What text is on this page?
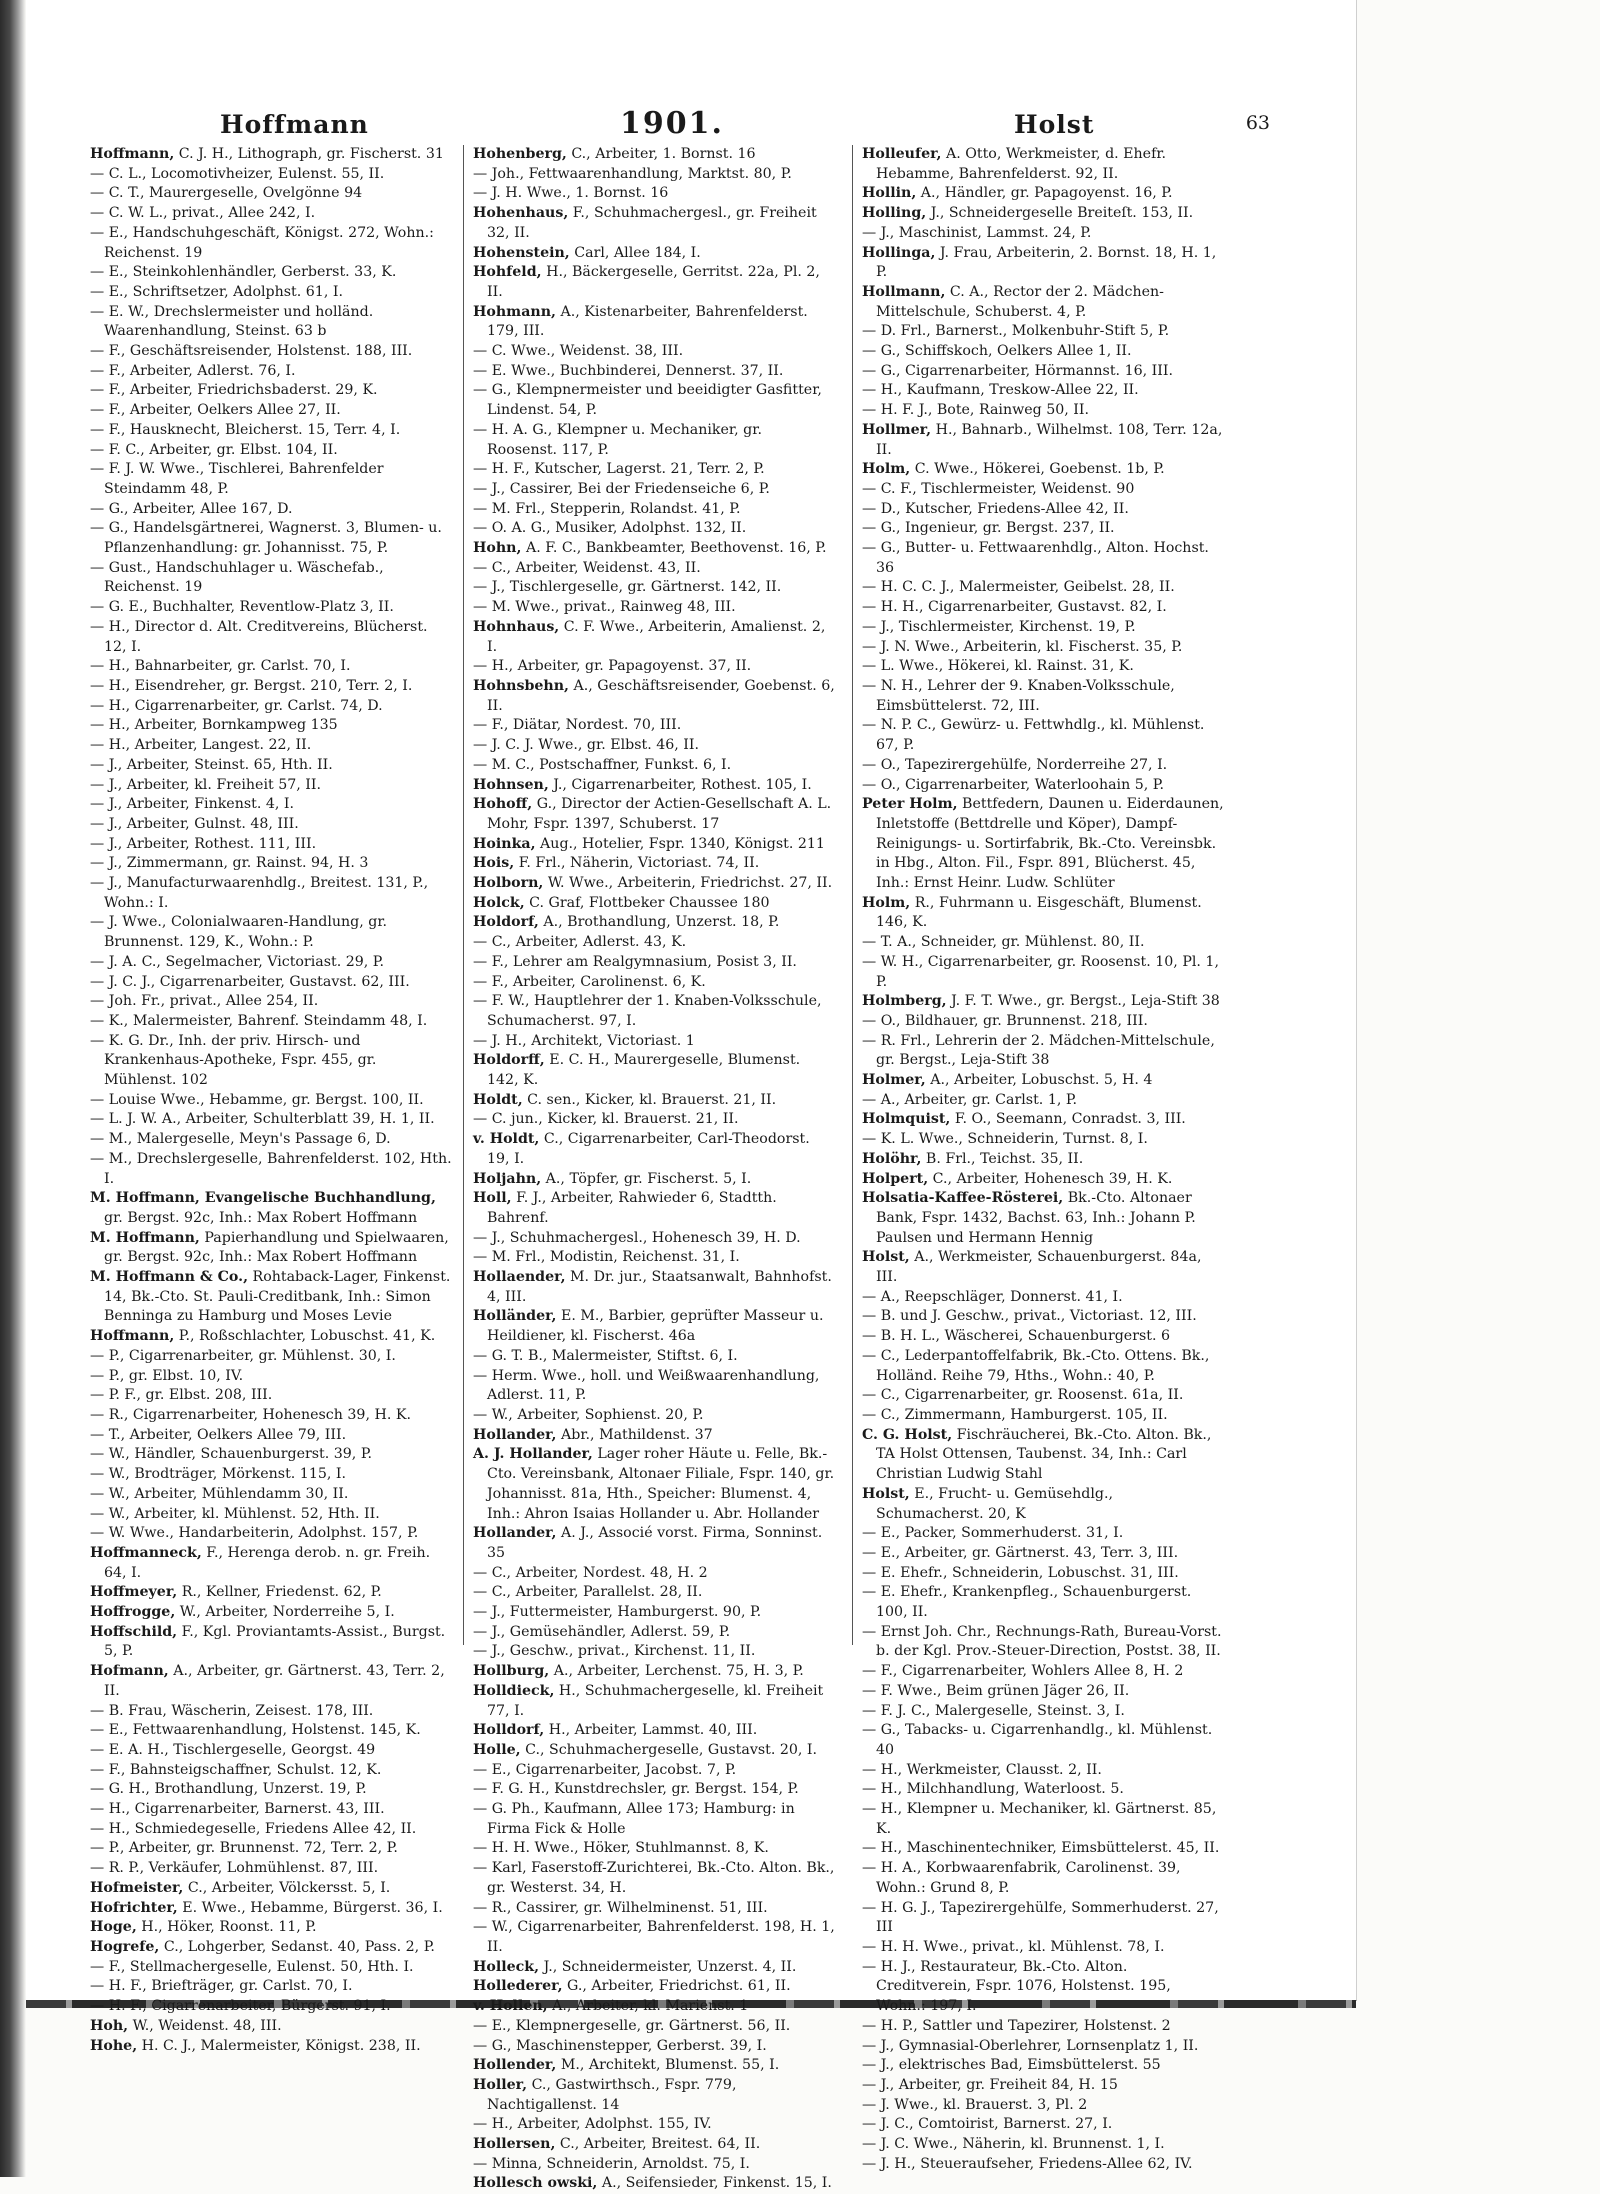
Hoffmann	1901.	Holst	63
Hoffmann, C. J. H., Lithograph, gr. Fischerst. 31
— C. L., Locomotivheizer, Eulenst. 55, II.
— C. T., Maurergeselle, Ovelgönne 94
— C. W. L., privat., Allee 242, I.
— E., Handschuhgeschäft, Königst. 272, Wohn.: Reichenst. 19
— E., Steinkohlenhändler, Gerberst. 33, K.
— E., Schriftsetzer, Adolphst. 61, I.
— E. W., Drechslermeister und holländ. Waarenhandlung, Steinst. 63 b
— F., Geschäftsreisender, Holstenst. 188, III.
— F., Arbeiter, Adlerst. 76, I.
— F., Arbeiter, Friedrichsbaderst. 29, K.
— F., Arbeiter, Oelkers Allee 27, II.
— F., Hausknecht, Bleicherst. 15, Terr. 4, I.
— F. C., Arbeiter, gr. Elbst. 104, II.
— F. J. W. Wwe., Tischlerei, Bahrenfelder Steindamm 48, P.
— G., Arbeiter, Allee 167, D.
— G., Handelsgärtnerei, Wagnerst. 3, Blumen- u. Pflanzenhandlung: gr. Johannisst. 75, P.
— Gust., Handschuhlager u. Wäschefab., Reichenst. 19
— G. E., Buchhalter, Reventlow-Platz 3, II.
— H., Director d. Alt. Creditvereins, Blücherst. 12, I.
— H., Bahnarbeiter, gr. Carlst. 70, I.
— H., Eisendreher, gr. Bergst. 210, Terr. 2, I.
— H., Cigarrenarbeiter, gr. Carlst. 74, D.
— H., Arbeiter, Bornkampweg 135
— H., Arbeiter, Langest. 22, II.
— J., Arbeiter, Steinst. 65, Hth. II.
— J., Arbeiter, kl. Freiheit 57, II.
— J., Arbeiter, Finkenst. 4, I.
— J., Arbeiter, Gulnst. 48, III.
— J., Arbeiter, Rothest. 111, III.
— J., Zimmermann, gr. Rainst. 94, H. 3
— J., Manufacturwaarenhdlg., Breitest. 131, P., Wohn.: I.
— J. Wwe., Colonialwaaren-Handlung, gr. Brunnenst. 129, K., Wohn.: P.
— J. A. C., Segelmacher, Victoriast. 29, P.
— J. C. J., Cigarrenarbeiter, Gustavst. 62, III.
— Joh. Fr., privat., Allee 254, II.
— K., Malermeister, Bahrenf. Steindamm 48, I.
— K. G. Dr., Inh. der priv. Hirsch- und Krankenhaus-Apotheke, Fspr. 455, gr. Mühlenst. 102
— Louise Wwe., Hebamme, gr. Bergst. 100, II.
— L. J. W. A., Arbeiter, Schulterblatt 39, H. 1, II.
— M., Malergeselle, Meyn's Passage 6, D.
— M., Drechslergeselle, Bahrenfelderst. 102, Hth. I.
M. Hoffmann, Evangelische Buchhandlung, gr. Bergst. 92c, Inh.: Max Robert Hoffmann
M. Hoffmann, Papierhandlung und Spielwaaren, gr. Bergst. 92c, Inh.: Max Robert Hoffmann
M. Hoffmann & Co., Rohtaback-Lager, Finkenst. 14, Bk.-Cto. St. Pauli-Creditbank, Inh.: Simon Benninga zu Hamburg und Moses Levie
Hoffmann, P., Roßschlachter, Lobuschst. 41, K.
— P., Cigarrenarbeiter, gr. Mühlenst. 30, I.
— P., gr. Elbst. 10, IV.
— P. F., gr. Elbst. 208, III.
— R., Cigarrenarbeiter, Hohenesch 39, H. K.
— T., Arbeiter, Oelkers Allee 79, III.
— W., Händler, Schauenburgerst. 39, P.
— W., Brodträger, Mörkenst. 115, I.
— W., Arbeiter, Mühlendamm 30, II.
— W., Arbeiter, kl. Mühlenst. 52, Hth. II.
— W. Wwe., Handarbeiterin, Adolphst. 157, P.
Hoffmanneck, F., Herenga derob. n. gr. Freih. 64, I.
Hoffmeyer, R., Kellner, Friedenst. 62, P.
Hoffrogge, W., Arbeiter, Norderreihe 5, I.
Hoffschild, F., Kgl. Proviantamts-Assist., Burgst. 5, P.
Hofmann, A., Arbeiter, gr. Gärtnerst. 43, Terr. 2, II.
— B. Frau, Wäscherin, Zeisest. 178, III.
— E., Fettwaarenhandlung, Holstenst. 145, K.
— E. A. H., Tischlergeselle, Georgst. 49
— F., Bahnsteigschaffner, Schulst. 12, K.
— G. H., Brothandlung, Unzerst. 19, P.
— H., Cigarrenarbeiter, Barnerst. 43, III.
— H., Schmiedegeselle, Friedens Allee 42, II.
— P., Arbeiter, gr. Brunnenst. 72, Terr. 2, P.
— R. P., Verkäufer, Lohmühlenst. 87, III.
Hofmeister, C., Arbeiter, Völckersst. 5, I.
Hofrichter, E. Wwe., Hebamme, Bürgerst. 36, I.
Hoge, H., Höker, Roonst. 11, P.
Hogrefe, C., Lohgerber, Sedanst. 40, Pass. 2, P.
— F., Stellmachergeselle, Eulenst. 50, Hth. I.
— H. F., Briefträger, gr. Carlst. 70, I.
— H. F., Cigarrenarbeiter, Bürgerst. 91, I.
Hoh, W., Weidenst. 48, III.
Hohe, H. C. J., Malermeister, Königst. 238, II.
Hohenberg, C., Arbeiter, 1. Bornst. 16
— Joh., Fettwaarenhandlung, Marktst. 80, P.
— J. H. Wwe., 1. Bornst. 16
Hohenhaus, F., Schuhmachergesl., gr. Freiheit 32, II.
Hohenstein, Carl, Allee 184, I.
Hohfeld, H., Bäckergeselle, Gerritst. 22a, Pl. 2, II.
Hohmann, A., Kistenarbeiter, Bahrenfelderst. 179, III.
— C. Wwe., Weidenst. 38, III.
— E. Wwe., Buchbinderei, Dennerst. 37, II.
— G., Klempnermeister und beeidigter Gasfitter, Lindenst. 54, P.
— H. A. G., Klempner u. Mechaniker, gr. Roosenst. 117, P.
— H. F., Kutscher, Lagerst. 21, Terr. 2, P.
— J., Cassirer, Bei der Friedenseiche 6, P.
— M. Frl., Stepperin, Rolandst. 41, P.
— O. A. G., Musiker, Adolphst. 132, II.
Hohn, A. F. C., Bankbeamter, Beethovenst. 16, P.
— C., Arbeiter, Weidenst. 43, II.
— J., Tischlergeselle, gr. Gärtnerst. 142, II.
— M. Wwe., privat., Rainweg 48, III.
Hohnhaus, C. F. Wwe., Arbeiterin, Amalienst. 2, I.
— H., Arbeiter, gr. Papagoyenst. 37, II.
Hohnsbehn, A., Geschäftsreisender, Goebenst. 6, II.
— F., Diätar, Nordest. 70, III.
— J. C. J. Wwe., gr. Elbst. 46, II.
— M. C., Postschaffner, Funkst. 6, I.
Hohnsen, J., Cigarrenarbeiter, Rothest. 105, I.
Hohoff, G., Director der Actien-Gesellschaft A. L. Mohr, Fspr. 1397, Schuberst. 17
Hoinka, Aug., Hotelier, Fspr. 1340, Königst. 211
Hois, F. Frl., Näherin, Victoriast. 74, II.
Holborn, W. Wwe., Arbeiterin, Friedrichst. 27, II.
Holck, C. Graf, Flottbeker Chaussee 180
Holdorf, A., Brothandlung, Unzerst. 18, P.
— C., Arbeiter, Adlerst. 43, K.
— F., Lehrer am Realgymnasium, Posist 3, II.
— F., Arbeiter, Carolinenst. 6, K.
— F. W., Hauptlehrer der 1. Knaben-Volksschule, Schumacherst. 97, I.
— J. H., Architekt, Victoriast. 1
Holdorff, E. C. H., Maurergeselle, Blumenst. 142, K.
Holdt, C. sen., Kicker, kl. Brauerst. 21, II.
— C. jun., Kicker, kl. Brauerst. 21, II.
v. Holdt, C., Cigarrenarbeiter, Carl-Theodorst. 19, I.
Holjahn, A., Töpfer, gr. Fischerst. 5, I.
Holl, F. J., Arbeiter, Rahwieder 6, Stadtth. Bahrenf.
— J., Schuhmachergesl., Hohenesch 39, H. D.
— M. Frl., Modistin, Reichenst. 31, I.
Hollaender, M. Dr. jur., Staatsanwalt, Bahnhofst. 4, III.
Holländer, E. M., Barbier, geprüfter Masseur u. Heildiener, kl. Fischerst. 46a
— G. T. B., Malermeister, Stiftst. 6, I.
— Herm. Wwe., holl. und Weißwaarenhandlung, Adlerst. 11, P.
— W., Arbeiter, Sophienst. 20, P.
Hollander, Abr., Mathildenst. 37
A. J. Hollander, Lager roher Häute u. Felle, Bk.-Cto. Vereinsbank, Altonaer Filiale, Fspr. 140, gr. Johannisst. 81a, Hth., Speicher: Blumenst. 4, Inh.: Ahron Isaias Hollander u. Abr. Hollander
Hollander, A. J., Associé vorst. Firma, Sonninst. 35
— C., Arbeiter, Nordest. 48, H. 2
— C., Arbeiter, Parallelst. 28, II.
— J., Futtermeister, Hamburgerst. 90, P.
— J., Gemüsehändler, Adlerst. 59, P.
— J., Geschw., privat., Kirchenst. 11, II.
Hollburg, A., Arbeiter, Lerchenst. 75, H. 3, P.
Holldieck, H., Schuhmachergeselle, kl. Freiheit 77, I.
Holldorf, H., Arbeiter, Lammst. 40, III.
Holle, C., Schuhmachergeselle, Gustavst. 20, I.
— E., Cigarrenarbeiter, Jacobst. 7, P.
— F. G. H., Kunstdrechsler, gr. Bergst. 154, P.
— G. Ph., Kaufmann, Allee 173; Hamburg: in Firma Fick & Holle
— H. H. Wwe., Höker, Stuhlmannst. 8, K.
— Karl, Faserstoff-Zurichterei, Bk.-Cto. Alton. Bk., gr. Westerst. 34, H.
— R., Cassirer, gr. Wilhelminenst. 51, III.
— W., Cigarrenarbeiter, Bahrenfelderst. 198, H. 1, II.
Holleck, J., Schneidermeister, Unzerst. 4, II.
Hollederer, G., Arbeiter, Friedrichst. 61, II.
v. Hollen, A., Arbeiter, kl. Marienst. 1
— E., Klempnergeselle, gr. Gärtnerst. 56, II.
— G., Maschinenstepper, Gerberst. 39, I.
Hollender, M., Architekt, Blumenst. 55, I.
Holler, C., Gastwirthsch., Fspr. 779, Nachtigallenst. 14
— H., Arbeiter, Adolphst. 155, IV.
Hollersen, C., Arbeiter, Breitest. 64, II.
— Minna, Schneiderin, Arnoldst. 75, I.
Hollesch owski, A., Seifensieder, Finkenst. 15, I.
Holleufer, A. Otto, Werkmeister, d. Ehefr. Hebamme, Bahrenfelderst. 92, II.
Hollin, A., Händler, gr. Papagoyenst. 16, P.
Holling, J., Schneidergeselle Breiteſt. 153, II.
— J., Maschinist, Lammst. 24, P.
Hollinga, J. Frau, Arbeiterin, 2. Bornst. 18, H. 1, P.
Hollmann, C. A., Rector der 2. Mädchen-Mittelschule, Schuberst. 4, P.
— D. Frl., Barnerst., Molkenbuhr-Stift 5, P.
— G., Schiffskoch, Oelkers Allee 1, II.
— G., Cigarrenarbeiter, Hörmannst. 16, III.
— H., Kaufmann, Treskow-Allee 22, II.
— H. F. J., Bote, Rainweg 50, II.
Hollmer, H., Bahnarb., Wilhelmst. 108, Terr. 12a, II.
Holm, C. Wwe., Hökerei, Goebenst. 1b, P.
— C. F., Tischlermeister, Weidenst. 90
— D., Kutscher, Friedens-Allee 42, II.
— G., Ingenieur, gr. Bergst. 237, II.
— G., Butter- u. Fettwaarenhdlg., Alton. Hochst. 36
— H. C. C. J., Malermeister, Geibelst. 28, II.
— H. H., Cigarrenarbeiter, Gustavst. 82, I.
— J., Tischlermeister, Kirchenst. 19, P.
— J. N. Wwe., Arbeiterin, kl. Fischerst. 35, P.
— L. Wwe., Hökerei, kl. Rainst. 31, K.
— N. H., Lehrer der 9. Knaben-Volksschule, Eimsbüttelerst. 72, III.
— N. P. C., Gewürz- u. Fettwhdlg., kl. Mühlenst. 67, P.
— O., Tapezirergehülfe, Norderreihe 27, I.
— O., Cigarrenarbeiter, Waterloohain 5, P.
Peter Holm, Bettfedern, Daunen u. Eiderdaunen, Inletstoffe (Bettdrelle und Köper), Dampf-Reinigungs- u. Sortirfabrik, Bk.-Cto. Vereinsbk. in Hbg., Alton. Fil., Fspr. 891, Blücherst. 45, Inh.: Ernst Heinr. Ludw. Schlüter
Holm, R., Fuhrmann u. Eisgeschäft, Blumenst. 146, K.
— T. A., Schneider, gr. Mühlenst. 80, II.
— W. H., Cigarrenarbeiter, gr. Roosenst. 10, Pl. 1, P.
Holmberg, J. F. T. Wwe., gr. Bergst., Leja-Stift 38
— O., Bildhauer, gr. Brunnenst. 218, III.
— R. Frl., Lehrerin der 2. Mädchen-Mittelschule, gr. Bergst., Leja-Stift 38
Holmer, A., Arbeiter, Lobuschst. 5, H. 4
— A., Arbeiter, gr. Carlst. 1, P.
Holmquist, F. O., Seemann, Conradst. 3, III.
— K. L. Wwe., Schneiderin, Turnst. 8, I.
Holöhr, B. Frl., Teichst. 35, II.
Holpert, C., Arbeiter, Hohenesch 39, H. K.
Holsatia-Kaffee-Rösterei, Bk.-Cto. Altonaer Bank, Fspr. 1432, Bachst. 63, Inh.: Johann P. Paulsen und Hermann Hennig
Holst, A., Werkmeister, Schauenburgerst. 84a, III.
— A., Reepschläger, Donnerst. 41, I.
— B. und J. Geschw., privat., Victoriast. 12, III.
— B. H. L., Wäscherei, Schauenburgerst. 6
— C., Lederpantoffelfabrik, Bk.-Cto. Ottens. Bk., Holländ. Reihe 79, Hths., Wohn.: 40, P.
— C., Cigarrenarbeiter, gr. Roosenst. 61a, II.
— C., Zimmermann, Hamburgerst. 105, II.
C. G. Holst, Fischräucherei, Bk.-Cto. Alton. Bk., TA Holst Ottensen, Taubenst. 34, Inh.: Carl Christian Ludwig Stahl
Holst, E., Frucht- u. Gemüsehdlg., Schumacherst. 20, K
— E., Packer, Sommerhuderst. 31, I.
— E., Arbeiter, gr. Gärtnerst. 43, Terr. 3, III.
— E. Ehefr., Schneiderin, Lobuschst. 31, III.
— E. Ehefr., Krankenpfleg., Schauenburgerst. 100, II.
— Ernst Joh. Chr., Rechnungs-Rath, Bureau-Vorst. b. der Kgl. Prov.-Steuer-Direction, Postst. 38, II.
— F., Cigarrenarbeiter, Wohlers Allee 8, H. 2
— F. Wwe., Beim grünen Jäger 26, II.
— F. J. C., Malergeselle, Steinst. 3, I.
— G., Tabacks- u. Cigarrenhandlg., kl. Mühlenst. 40
— H., Werkmeister, Clausst. 2, II.
— H., Milchhandlung, Waterloost. 5.
— H., Klempner u. Mechaniker, kl. Gärtnerst. 85, K.
— H., Maschinentechniker, Eimsbüttelerst. 45, II.
— H. A., Korbwaarenfabrik, Carolinenst. 39, Wohn.: Grund 8, P.
— H. G. J., Tapezirergehülfe, Sommerhuderst. 27, III
— H. H. Wwe., privat., kl. Mühlenst. 78, I.
— H. J., Restaurateur, Bk.-Cto. Alton. Creditverein, Fspr. 1076, Holstenst. 195, Wohn.: 197, I.
— H. P., Sattler und Tapezirer, Holstenst. 2
— J., Gymnasial-Oberlehrer, Lornsenplatz 1, II.
— J., elektrisches Bad, Eimsbüttelerst. 55
— J., Arbeiter, gr. Freiheit 84, H. 15
— J. Wwe., kl. Brauerst. 3, Pl. 2
— J. C., Comtoirist, Barnerst. 27, I.
— J. C. Wwe., Näherin, kl. Brunnenst. 1, I.
— J. H., Steueraufseher, Friedens-Allee 62, IV.
